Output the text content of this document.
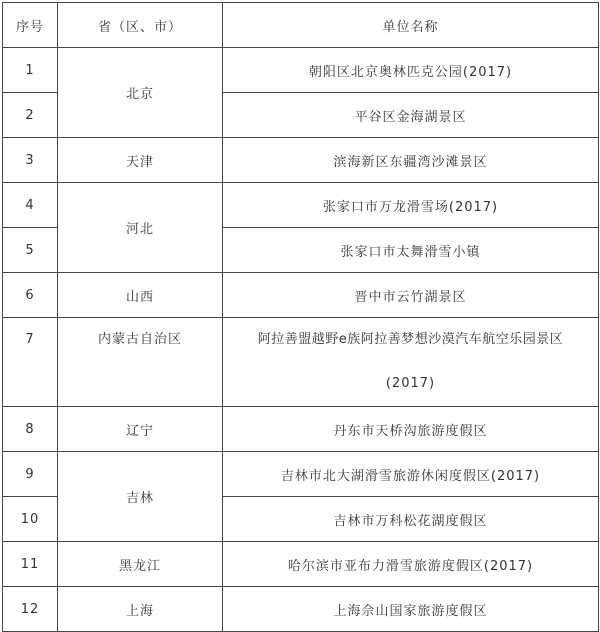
序号	省（区、市）	单位名称
1	北京	朝阳区北京奥林匹克公园(2017)
2		平谷区金海湖景区
3	天津	滨海新区东疆湾沙滩景区
4	河北	张家口市万龙滑雪场(2017)
5		张家口市太舞滑雪小镇
6	山西	晋中市云竹湖景区
7	内蒙古自治区	阿拉善盟越野e族阿拉善梦想沙漠汽车航空乐园景区
(2017)

8	辽宁	丹东市天桥沟旅游度假区
9	吉林	吉林市北大湖滑雪旅游休闲度假区(2017)
10		吉林市万科松花湖度假区
11	黑龙江	哈尔滨市亚布力滑雪旅游度假区(2017)
12	上海	上海佘山国家旅游度假区
